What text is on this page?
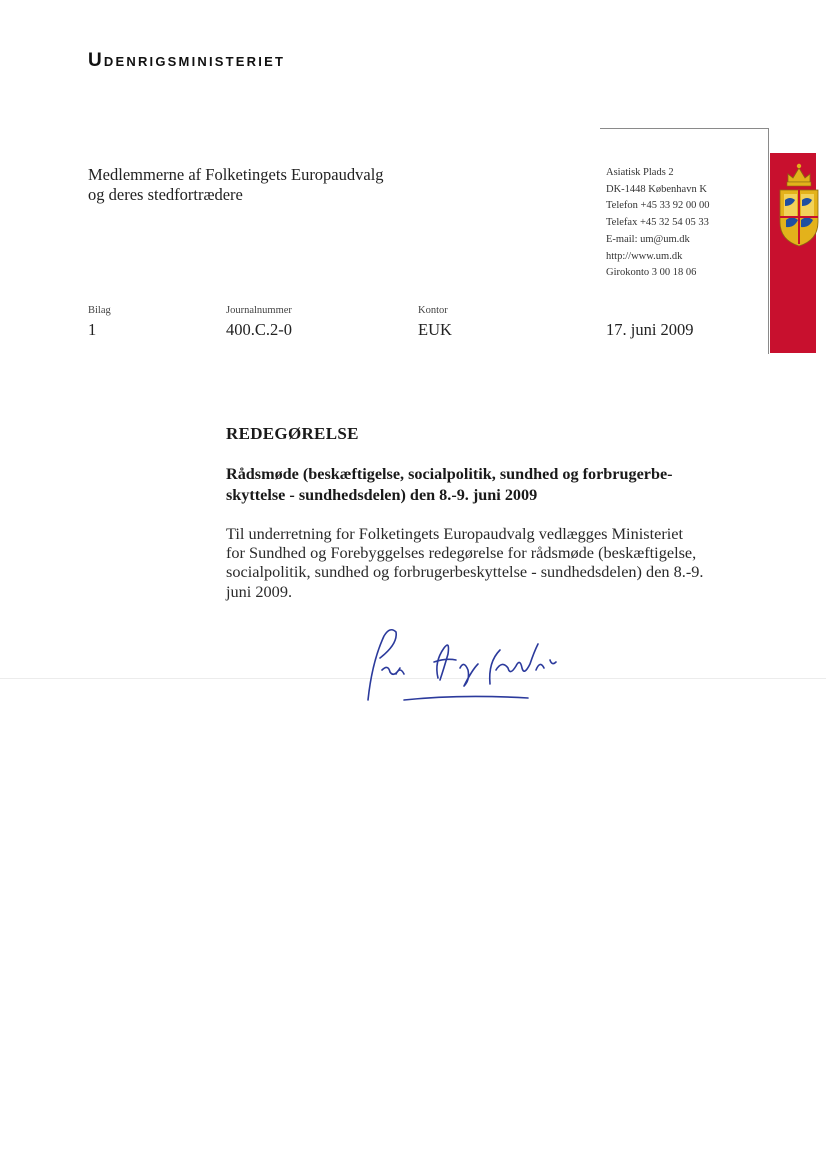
Udenrigsministeriet
Medlemmerne af Folketingets Europaudvalg
og deres stedfortrædere
Asiatisk Plads 2
DK-1448 København K
Telefon +45 33 92 00 00
Telefax +45 32 54 05 33
E-mail: um@um.dk
http://www.um.dk
Girokonto 3 00 18 06
Bilag
1
Journalnummer
400.C.2-0
Kontor
EUK	17. juni 2009
REDEGØRELSE
Rådsmøde (beskæftigelse, socialpolitik, sundhed og forbrugerbe-
skyttelse - sundhedsdelen) den 8.-9. juni 2009
Til underretning for Folketingets Europaudvalg vedlægges Ministeriet
for Sundhed og Forebyggelses redegørelse for rådsmøde (beskæftigelse,
socialpolitik, sundhed og forbrugerbeskyttelse - sundhedsdelen) den 8.-9.
juni 2009.
